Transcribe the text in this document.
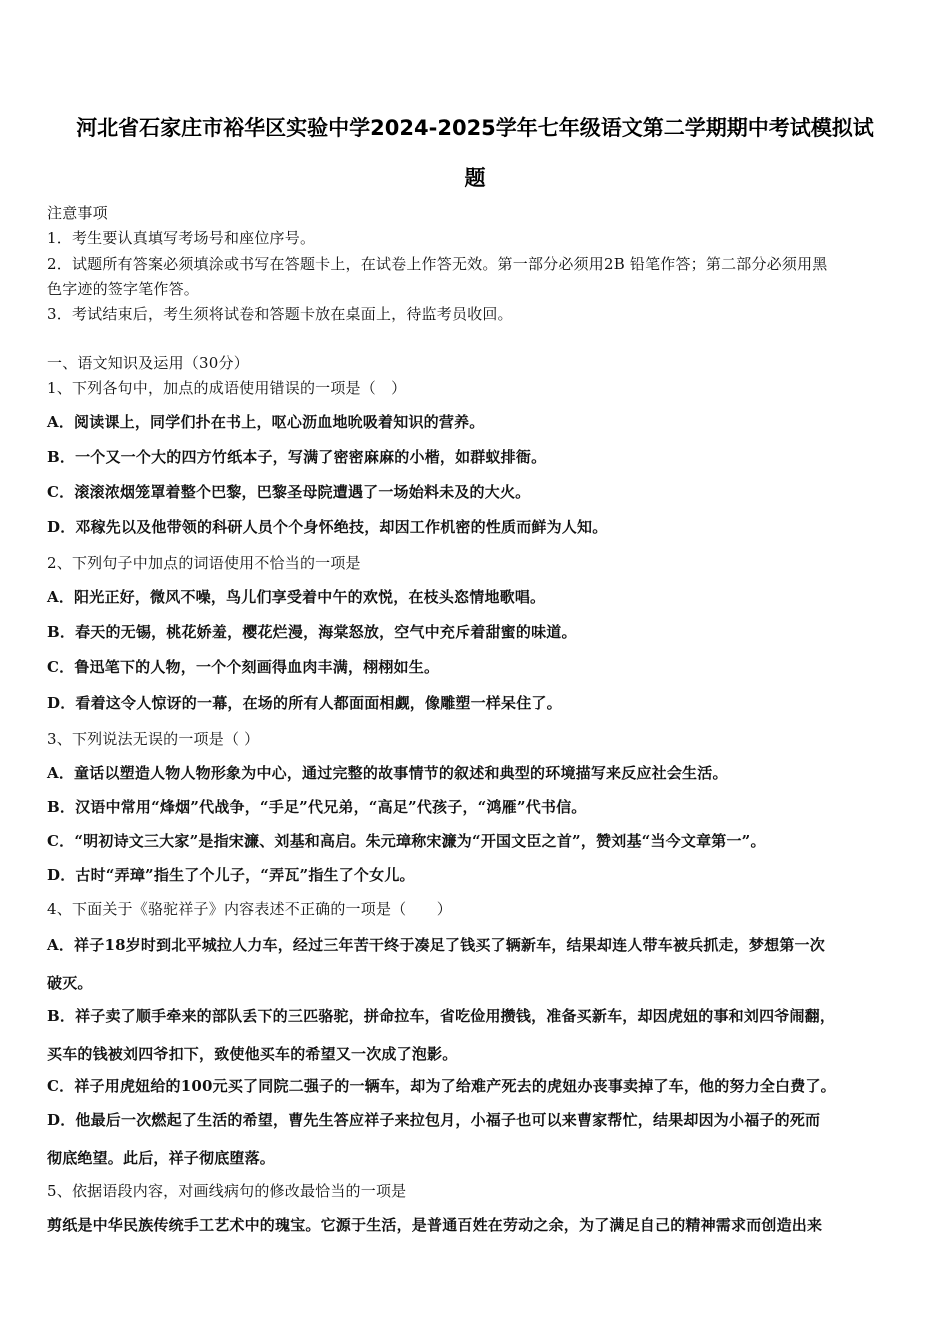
河北省石家庄市裕华区实验中学2024-2025学年七年级语文第二学期期中考试模拟试
题
注意事项
1．考生要认真填写考场号和座位序号。
2．试题所有答案必须填涂或书写在答题卡上，在试卷上作答无效。第一部分必须用2B 铅笔作答；第二部分必须用黑
色字迹的签字笔作答。
3．考试结束后，考生须将试卷和答题卡放在桌面上，待监考员收回。
一、语文知识及运用（30分）
1、下列各句中，加点的成语使用错误的一项是（　）
A．阅读课上，同学们扑在书上，呕心沥血地吮吸着知识的营养。
B．一个又一个大的四方竹纸本子，写满了密密麻麻的小楷，如群蚁排衙。
C．滚滚浓烟笼罩着整个巴黎，巴黎圣母院遭遇了一场始料未及的大火。
D．邓稼先以及他带领的科研人员个个身怀绝技，却因工作机密的性质而鲜为人知。
2、下列句子中加点的词语使用不恰当的一项是
A．阳光正好，微风不噪，鸟儿们享受着中午的欢悦，在枝头恣情地歌唱。
B．春天的无锡，桃花娇羞，樱花烂漫，海棠怒放，空气中充斥着甜蜜的味道。
C．鲁迅笔下的人物，一个个刻画得血肉丰满，栩栩如生。
D．看着这令人惊讶的一幕，在场的所有人都面面相觑，像雕塑一样呆住了。
3、下列说法无误的一项是（ ）
A．童话以塑造人物人物形象为中心，通过完整的故事情节的叙述和典型的环境描写来反应社会生活。
B．汉语中常用“烽烟”代战争，“手足”代兄弟，“高足”代孩子，“鸿雁”代书信。
C．“明初诗文三大家”是指宋濂、刘基和高启。朱元璋称宋濂为“开国文臣之首”，赞刘基“当今文章第一”。
D．古时“弄璋”指生了个儿子，“弄瓦”指生了个女儿。
4、下面关于《骆驼祥子》内容表述不正确的一项是（　　）
A．祥子18岁时到北平城拉人力车，经过三年苦干终于凑足了钱买了辆新车，结果却连人带车被兵抓走，梦想第一次
破灭。
B．祥子卖了顺手牵来的部队丢下的三匹骆驼，拼命拉车，省吃俭用攒钱，准备买新车，却因虎妞的事和刘四爷闹翻，
买车的钱被刘四爷扣下，致使他买车的希望又一次成了泡影。
C．祥子用虎妞给的100元买了同院二强子的一辆车，却为了给难产死去的虎妞办丧事卖掉了车，他的努力全白费了。
D．他最后一次燃起了生活的希望，曹先生答应祥子来拉包月，小福子也可以来曹家帮忙，结果却因为小福子的死而
彻底绝望。此后，祥子彻底堕落。
5、依据语段内容，对画线病句的修改最恰当的一项是
剪纸是中华民族传统手工艺术中的瑰宝。它源于生活，是普通百姓在劳动之余，为了满足自己的精神需求而创造出来
